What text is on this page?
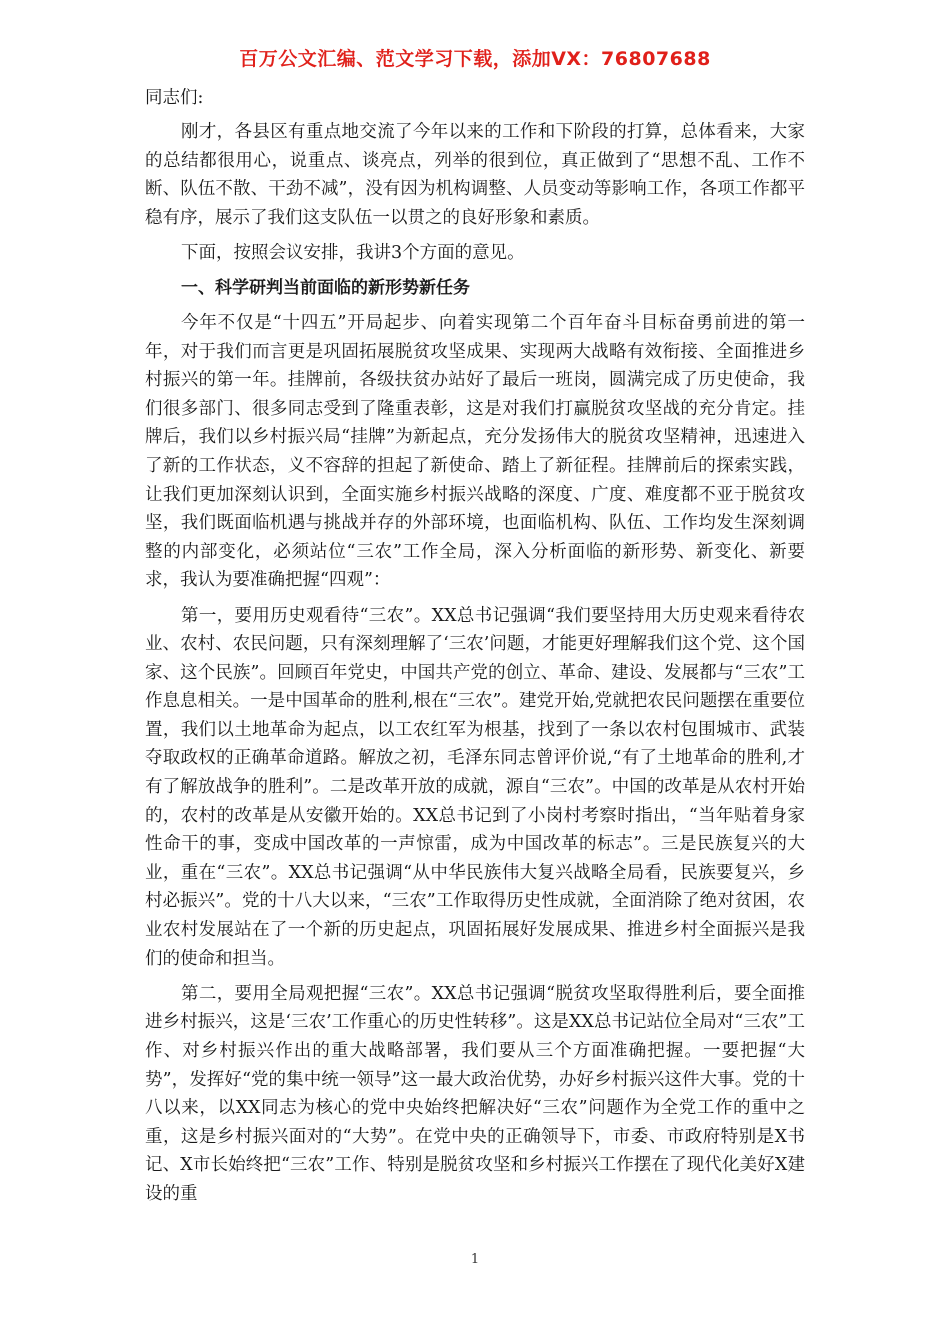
百万公文汇编、范文学习下载，添加VX：76807688

同志们:

刚才，各县区有重点地交流了今年以来的工作和下阶段的打算，总体看来，大家的总结都很用心，说重点、谈亮点，列举的很到位，真正做到了“思想不乱、工作不断、队伍不散、干劲不减”，没有因为机构调整、人员变动等影响工作，各项工作都平稳有序，展示了我们这支队伍一以贯之的良好形象和素质。

下面，按照会议安排，我讲3个方面的意见。

一、科学研判当前面临的新形势新任务

今年不仅是“十四五”开局起步、向着实现第二个百年奋斗目标奋勇前进的第一年，对于我们而言更是巩固拓展脱贫攻坚成果、实现两大战略有效衔接、全面推进乡村振兴的第一年。挂牌前，各级扶贫办站好了最后一班岗，圆满完成了历史使命，我们很多部门、很多同志受到了隆重表彰，这是对我们打赢脱贫攻坚战的充分肯定。挂牌后，我们以乡村振兴局“挂牌”为新起点，充分发扬伟大的脱贫攻坚精神，迅速进入了新的工作状态，义不容辞的担起了新使命、踏上了新征程。挂牌前后的探索实践，让我们更加深刻认识到，全面实施乡村振兴战略的深度、广度、难度都不亚于脱贫攻坚，我们既面临机遇与挑战并存的外部环境，也面临机构、队伍、工作均发生深刻调整的内部变化，必须站位“三农”工作全局，深入分析面临的新形势、新变化、新要求，我认为要准确把握“四观”：

第一，要用历史观看待“三农”。XX总书记强调“我们要坚持用大历史观来看待农业、农村、农民问题，只有深刻理解了‘三农’问题，才能更好理解我们这个党、这个国家、这个民族”。回顾百年党史，中国共产党的创立、革命、建设、发展都与“三农”工作息息相关。一是中国革命的胜利,根在“三农”。建党开始,党就把农民问题摆在重要位置，我们以土地革命为起点，以工农红军为根基，找到了一条以农村包围城市、武装夺取政权的正确革命道路。解放之初，毛泽东同志曾评价说,“有了土地革命的胜利,才有了解放战争的胜利”。二是改革开放的成就，源自“三农”。中国的改革是从农村开始的，农村的改革是从安徽开始的。XX总书记到了小岗村考察时指出，“当年贴着身家性命干的事，变成中国改革的一声惊雷，成为中国改革的标志”。三是民族复兴的大业，重在“三农”。XX总书记强调“从中华民族伟大复兴战略全局看，民族要复兴，乡村必振兴”。党的十八大以来，“三农”工作取得历史性成就，全面消除了绝对贫困，农业农村发展站在了一个新的历史起点，巩固拓展好发展成果、推进乡村全面振兴是我们的使命和担当。

第二，要用全局观把握“三农”。XX总书记强调“脱贫攻坚取得胜利后，要全面推进乡村振兴，这是‘三农’工作重心的历史性转移”。这是XX总书记站位全局对“三农”工作、对乡村振兴作出的重大战略部署，我们要从三个方面准确把握。一要把握“大势”，发挥好“党的集中统一领导”这一最大政治优势，办好乡村振兴这件大事。党的十八以来，以XX同志为核心的党中央始终把解决好“三农”问题作为全党工作的重中之重，这是乡村振兴面对的“大势”。在党中央的正确领导下，市委、市政府特别是X书记、X市长始终把“三农”工作、特别是脱贫攻坚和乡村振兴工作摆在了现代化美好X建设的重

1
